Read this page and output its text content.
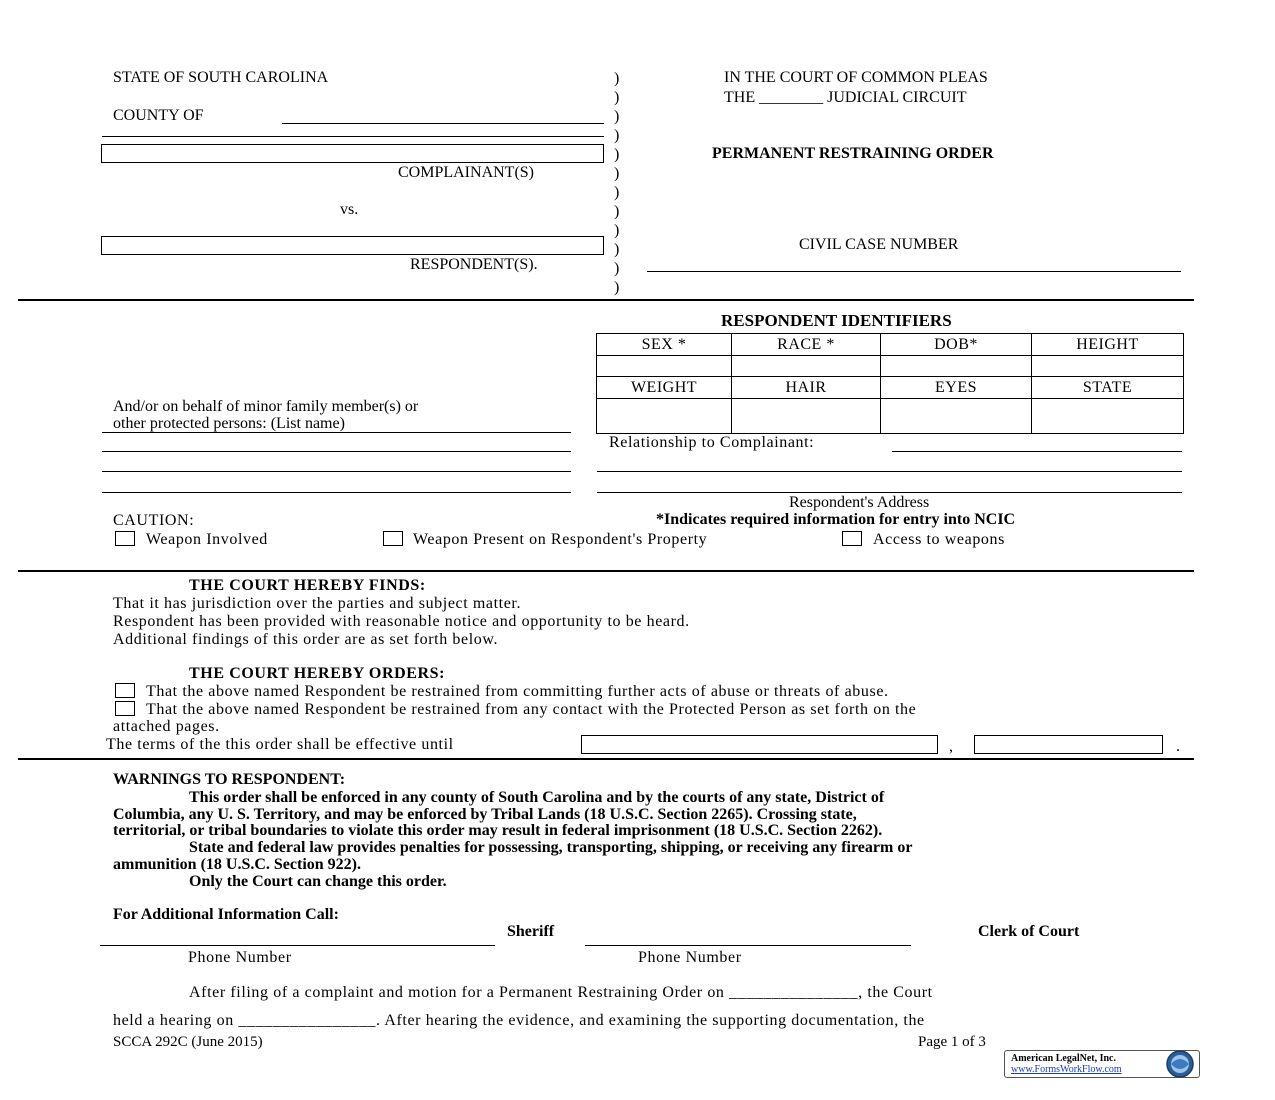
STATE OF SOUTH CAROLINA
COUNTY OF
COMPLAINANT(S)
vs.
RESPONDENT(S).
)
)
)
)
)
)
)
)
)
)
)
)
IN THE COURT OF COMMON PLEAS
THE ________ JUDICIAL CIRCUIT
PERMANENT RESTRAINING ORDER
CIVIL CASE NUMBER
RESPONDENT IDENTIFIERS
SEX *	RACE *	DOB*	HEIGHT

WEIGHT	HAIR	EYES	STATE

And/or on behalf of minor family member(s) or
other protected persons: (List name)
Relationship to Complainant:
Respondent's Address
*Indicates required information for entry into NCIC
CAUTION:
Weapon Involved	Weapon Present on Respondent's Property	Access to weapons
THE COURT HEREBY FINDS:
That it has jurisdiction over the parties and subject matter.
Respondent has been provided with reasonable notice and opportunity to be heard.
Additional findings of this order are as set forth below.
THE COURT HEREBY ORDERS:
That the above named Respondent be restrained from committing further acts of abuse or threats of abuse.
That the above named Respondent be restrained from any contact with the Protected Person as set forth on the
attached pages.
The terms of the this order shall be effective until	,	.
WARNINGS TO RESPONDENT:
This order shall be enforced in any county of South Carolina and by the courts of any state, District of
Columbia, any U. S. Territory, and may be enforced by Tribal Lands (18 U.S.C. Section 2265). Crossing state,
territorial, or tribal boundaries to violate this order may result in federal imprisonment (18 U.S.C. Section 2262).
State and federal law provides penalties for possessing, transporting, shipping, or receiving any firearm or
ammunition (18 U.S.C. Section 922).
Only the Court can change this order.
For Additional Information Call:
Sheriff	Clerk of Court
Phone Number	Phone Number
After filing of a complaint and motion for a Permanent Restraining Order on _______________, the Court
held a hearing on ________________. After hearing the evidence, and examining the supporting documentation, the
SCCA 292C (June 2015)	Page 1 of 3
American LegalNet, Inc.
www.FormsWorkFlow.com
